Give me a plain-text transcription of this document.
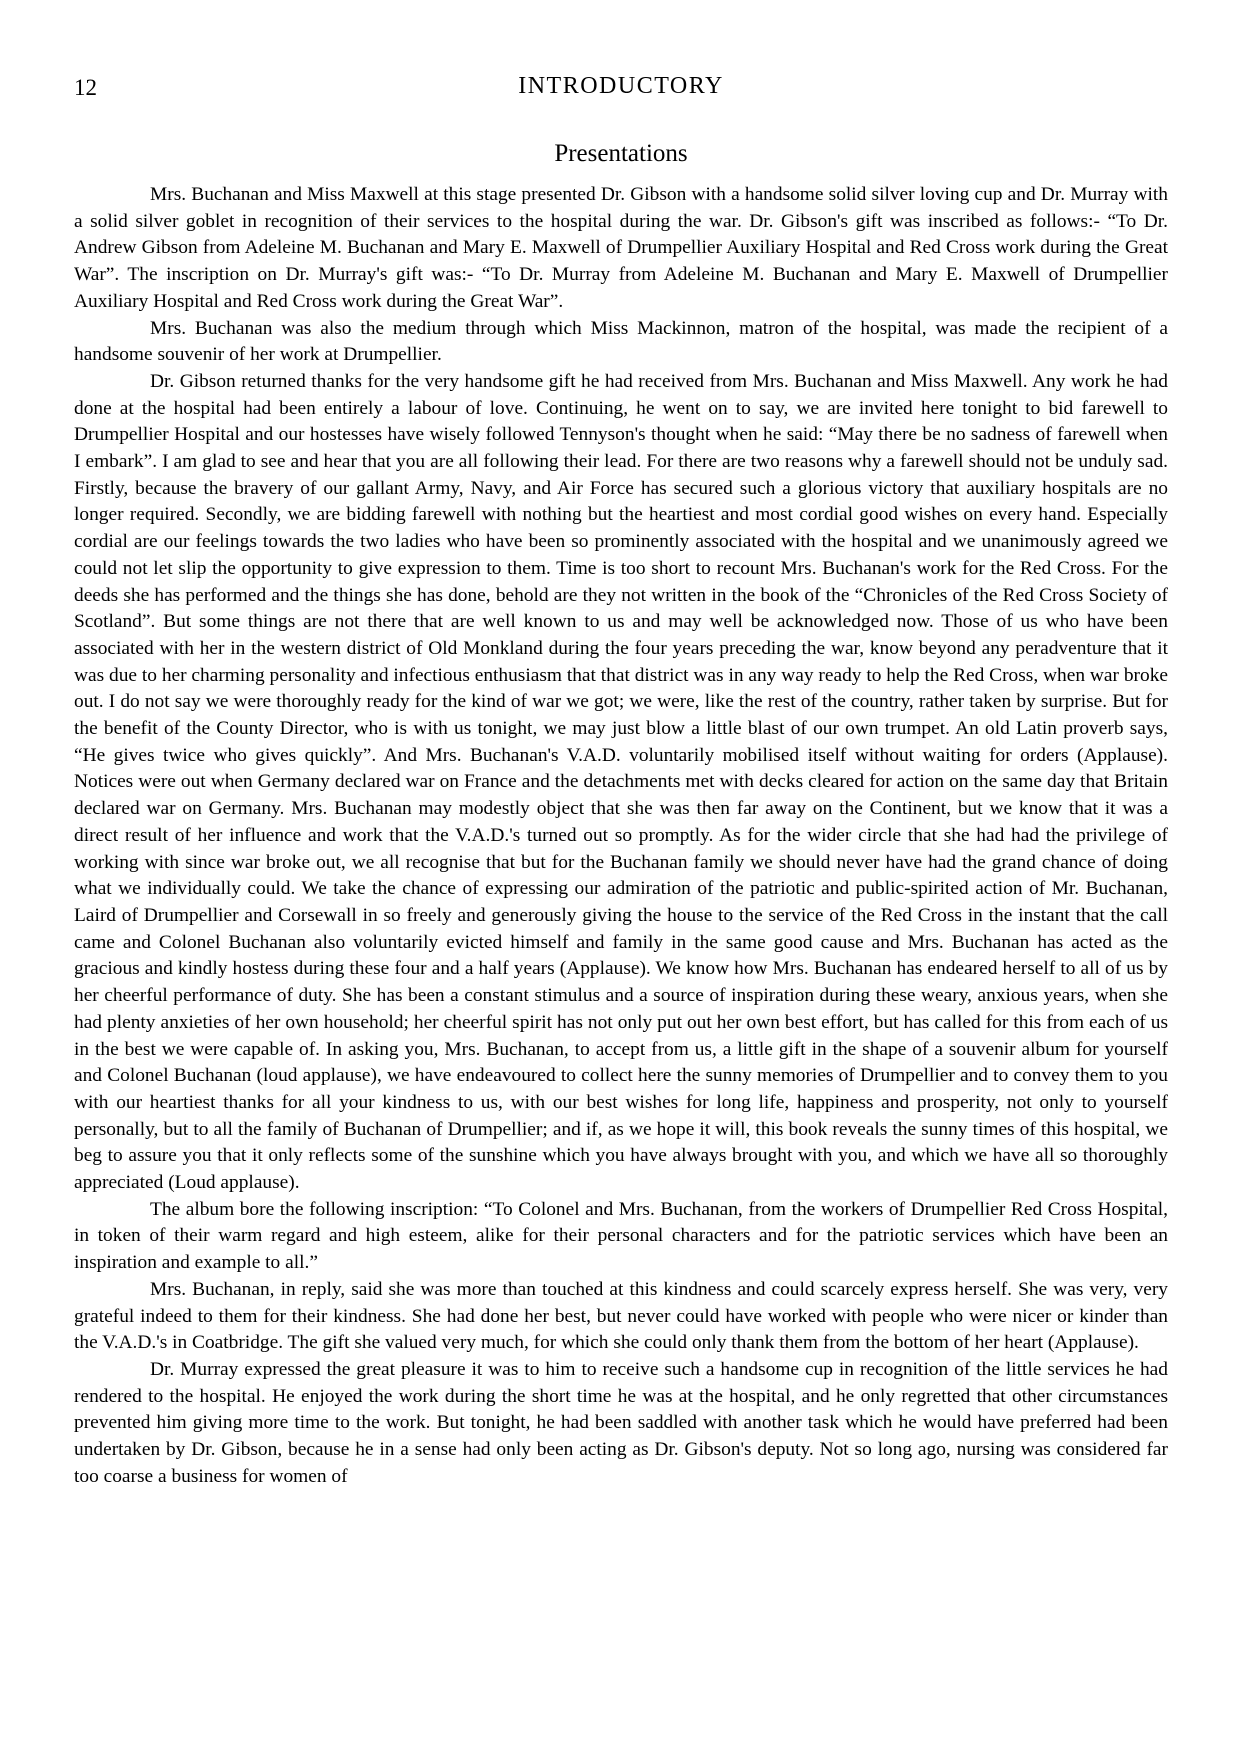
12	INTRODUCTORY
Presentations

Mrs. Buchanan and Miss Maxwell at this stage presented Dr. Gibson with a handsome solid silver loving cup and Dr. Murray with a solid silver goblet in recognition of their services to the hospital during the war. Dr. Gibson's gift was inscribed as follows:- “To Dr. Andrew Gibson from Adeleine M. Buchanan and Mary E. Maxwell of Drumpellier Auxiliary Hospital and Red Cross work during the Great War”. The inscription on Dr. Murray's gift was:- “To Dr. Murray from Adeleine M. Buchanan and Mary E. Maxwell of Drumpellier Auxiliary Hospital and Red Cross work during the Great War”.

Mrs. Buchanan was also the medium through which Miss Mackinnon, matron of the hospital, was made the recipient of a handsome souvenir of her work at Drumpellier.

Dr. Gibson returned thanks for the very handsome gift he had received from Mrs. Buchanan and Miss Maxwell. Any work he had done at the hospital had been entirely a labour of love. Continuing, he went on to say, we are invited here tonight to bid farewell to Drumpellier Hospital and our hostesses have wisely followed Tennyson's thought when he said: “May there be no sadness of farewell when I embark”. I am glad to see and hear that you are all following their lead. For there are two reasons why a farewell should not be unduly sad. Firstly, because the bravery of our gallant Army, Navy, and Air Force has secured such a glorious victory that auxiliary hospitals are no longer required. Secondly, we are bidding farewell with nothing but the heartiest and most cordial good wishes on every hand. Especially cordial are our feelings towards the two ladies who have been so prominently associated with the hospital and we unanimously agreed we could not let slip the opportunity to give expression to them. Time is too short to recount Mrs. Buchanan's work for the Red Cross. For the deeds she has performed and the things she has done, behold are they not written in the book of the “Chronicles of the Red Cross Society of Scotland”. But some things are not there that are well known to us and may well be acknowledged now. Those of us who have been associated with her in the western district of Old Monkland during the four years preceding the war, know beyond any peradventure that it was due to her charming personality and infectious enthusiasm that that district was in any way ready to help the Red Cross, when war broke out. I do not say we were thoroughly ready for the kind of war we got; we were, like the rest of the country, rather taken by surprise. But for the benefit of the County Director, who is with us tonight, we may just blow a little blast of our own trumpet. An old Latin proverb says, “He gives twice who gives quickly”. And Mrs. Buchanan's V.A.D. voluntarily mobilised itself without waiting for orders (Applause). Notices were out when Germany declared war on France and the detachments met with decks cleared for action on the same day that Britain declared war on Germany. Mrs. Buchanan may modestly object that she was then far away on the Continent, but we know that it was a direct result of her influence and work that the V.A.D.'s turned out so promptly. As for the wider circle that she had had the privilege of working with since war broke out, we all recognise that but for the Buchanan family we should never have had the grand chance of doing what we individually could. We take the chance of expressing our admiration of the patriotic and public-spirited action of Mr. Buchanan, Laird of Drumpellier and Corsewall in so freely and generously giving the house to the service of the Red Cross in the instant that the call came and Colonel Buchanan also voluntarily evicted himself and family in the same good cause and Mrs. Buchanan has acted as the gracious and kindly hostess during these four and a half years (Applause). We know how Mrs. Buchanan has endeared herself to all of us by her cheerful performance of duty. She has been a constant stimulus and a source of inspiration during these weary, anxious years, when she had plenty anxieties of her own household; her cheerful spirit has not only put out her own best effort, but has called for this from each of us in the best we were capable of. In asking you, Mrs. Buchanan, to accept from us, a little gift in the shape of a souvenir album for yourself and Colonel Buchanan (loud applause), we have endeavoured to collect here the sunny memories of Drumpellier and to convey them to you with our heartiest thanks for all your kindness to us, with our best wishes for long life, happiness and prosperity, not only to yourself personally, but to all the family of Buchanan of Drumpellier; and if, as we hope it will, this book reveals the sunny times of this hospital, we beg to assure you that it only reflects some of the sunshine which you have always brought with you, and which we have all so thoroughly appreciated (Loud applause).

The album bore the following inscription: “To Colonel and Mrs. Buchanan, from the workers of Drumpellier Red Cross Hospital, in token of their warm regard and high esteem, alike for their personal characters and for the patriotic services which have been an inspiration and example to all.”

Mrs. Buchanan, in reply, said she was more than touched at this kindness and could scarcely express herself. She was very, very grateful indeed to them for their kindness. She had done her best, but never could have worked with people who were nicer or kinder than the V.A.D.'s in Coatbridge. The gift she valued very much, for which she could only thank them from the bottom of her heart (Applause).

Dr. Murray expressed the great pleasure it was to him to receive such a handsome cup in recognition of the little services he had rendered to the hospital. He enjoyed the work during the short time he was at the hospital, and he only regretted that other circumstances prevented him giving more time to the work. But tonight, he had been saddled with another task which he would have preferred had been undertaken by Dr. Gibson, because he in a sense had only been acting as Dr. Gibson's deputy. Not so long ago, nursing was considered far too coarse a business for women of
